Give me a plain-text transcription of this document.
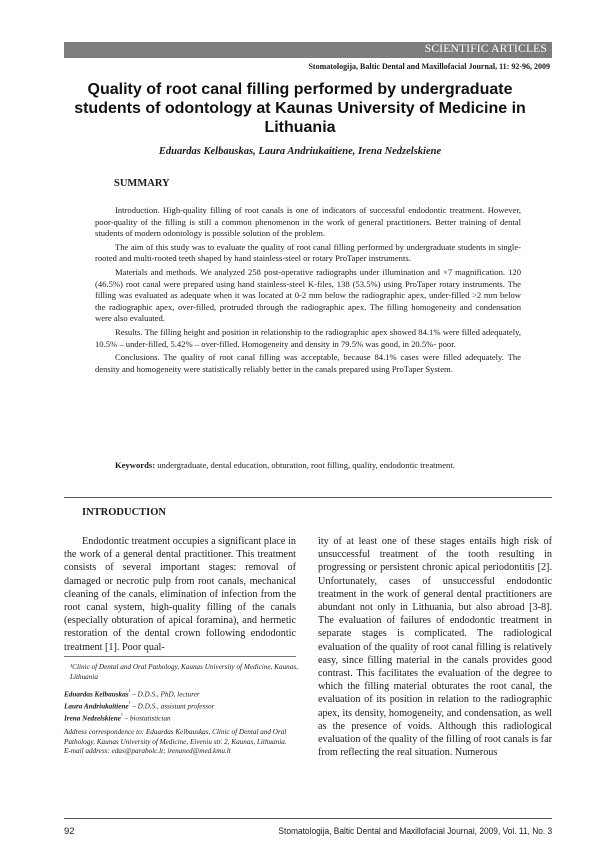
SCIENTIFIC ARTICLES
Stomatologija, Baltic Dental and Maxillofacial Journal, 11: 92-96, 2009
Quality of root canal filling performed by undergraduate students of odontology at Kaunas University of Medicine in Lithuania
Eduardas Kelbauskas, Laura Andriukaitiene, Irena Nedzelskiene
SUMMARY

Introduction. High-quality filling of root canals is one of indicators of successful endodontic treatment. However, poor-quality of the filling is still a common phenomenon in the work of general practitioners. Better training of dental students of modern odontology is possible solution of the problem.

The aim of this study was to evaluate the quality of root canal filling performed by undergraduate students in single-rooted and multi-rooted teeth shaped by hand stainless-steel or rotary ProTaper instruments.

Materials and methods. We analyzed 258 post-operative radiographs under illumination and ×7 magnification. 120 (46.5%) root canal were prepared using hand stainless-steel K-files, 138 (53.5%) using ProTaper rotary instruments. The filling was evaluated as adequate when it was located at 0-2 mm below the radiographic apex, under-filled >2 mm below the radiographic apex, over-filled, protruded through the radiographic apex. The filling homogeneity and condensation were also evaluated.

Results. The filling height and position in relationship to the radiographic apex showed 84.1% were filled adequately, 10.5% – under-filled, 5.42% – over-filled. Homogeneity and density in 79.5% was good, in 20.5%- poor.

Conclusions. The quality of root canal filling was acceptable, because 84.1% cases were filled adequately. The density and homogeneity were statistically reliably better in the canals prepared using ProTaper System.

Keywords: undergraduate, dental education, obturation, root filling, quality, endodontic treatment.
INTRODUCTION
Endodontic treatment occupies a significant place in the work of a general dental practitioner. This treatment consists of several important stages: removal of damaged or necrotic pulp from root canals, mechanical cleaning of the canals, elimination of infection from the root canal system, high-quality filling of the canals (especially obturation of apical foramina), and hermetic restoration of the dental crown following endodontic treatment [1]. Poor qual-
ity of at least one of these stages entails high risk of unsuccessful treatment of the tooth resulting in progressing or persistent chronic apical periodontitis [2]. Unfortunately, cases of unsuccessful endodontic treatment in the work of general dental practitioners are abundant not only in Lithuania, but also abroad [3-8]. The evaluation of failures of endodontic treatment in separate stages is complicated. The radiological evaluation of the quality of root canal filling is relatively easy, since filling material in the canals provides good contrast. This facilitates the evaluation of the degree to which the filling material obturates the root canal, the evaluation of its position in relation to the radiographic apex, its density, homogeneity, and condensation, as well as the presence of voids. Although this radiological evaluation of the quality of the filling of root canals is far from reflecting the real situation. Numerous
¹Clinic of Dental and Oral Pathology, Kaunas University of Medicine, Kaunas, Lithuania
Eduardas Kelbauskas$^{^1}$ – D.D.S., PhD, lecturer
Laura Andriukaitiene$^{^1}$ – D.D.S., assistant professor
Irena Nedzelskiene$^{^1}$ – biostatistician
Address correspondence to: Eduardas Kelbauskas, Clinic of Dental and Oral Pathology, Kaunas University of Medicine, Eiveniu str. 2, Kaunas, Lithuania.
E-mail address: edas@parabolc.lt; irenaned@med.kmu.lt
92	Stomatologija, Baltic Dental and Maxillofacial Journal, 2009, Vol. 11, No. 3
